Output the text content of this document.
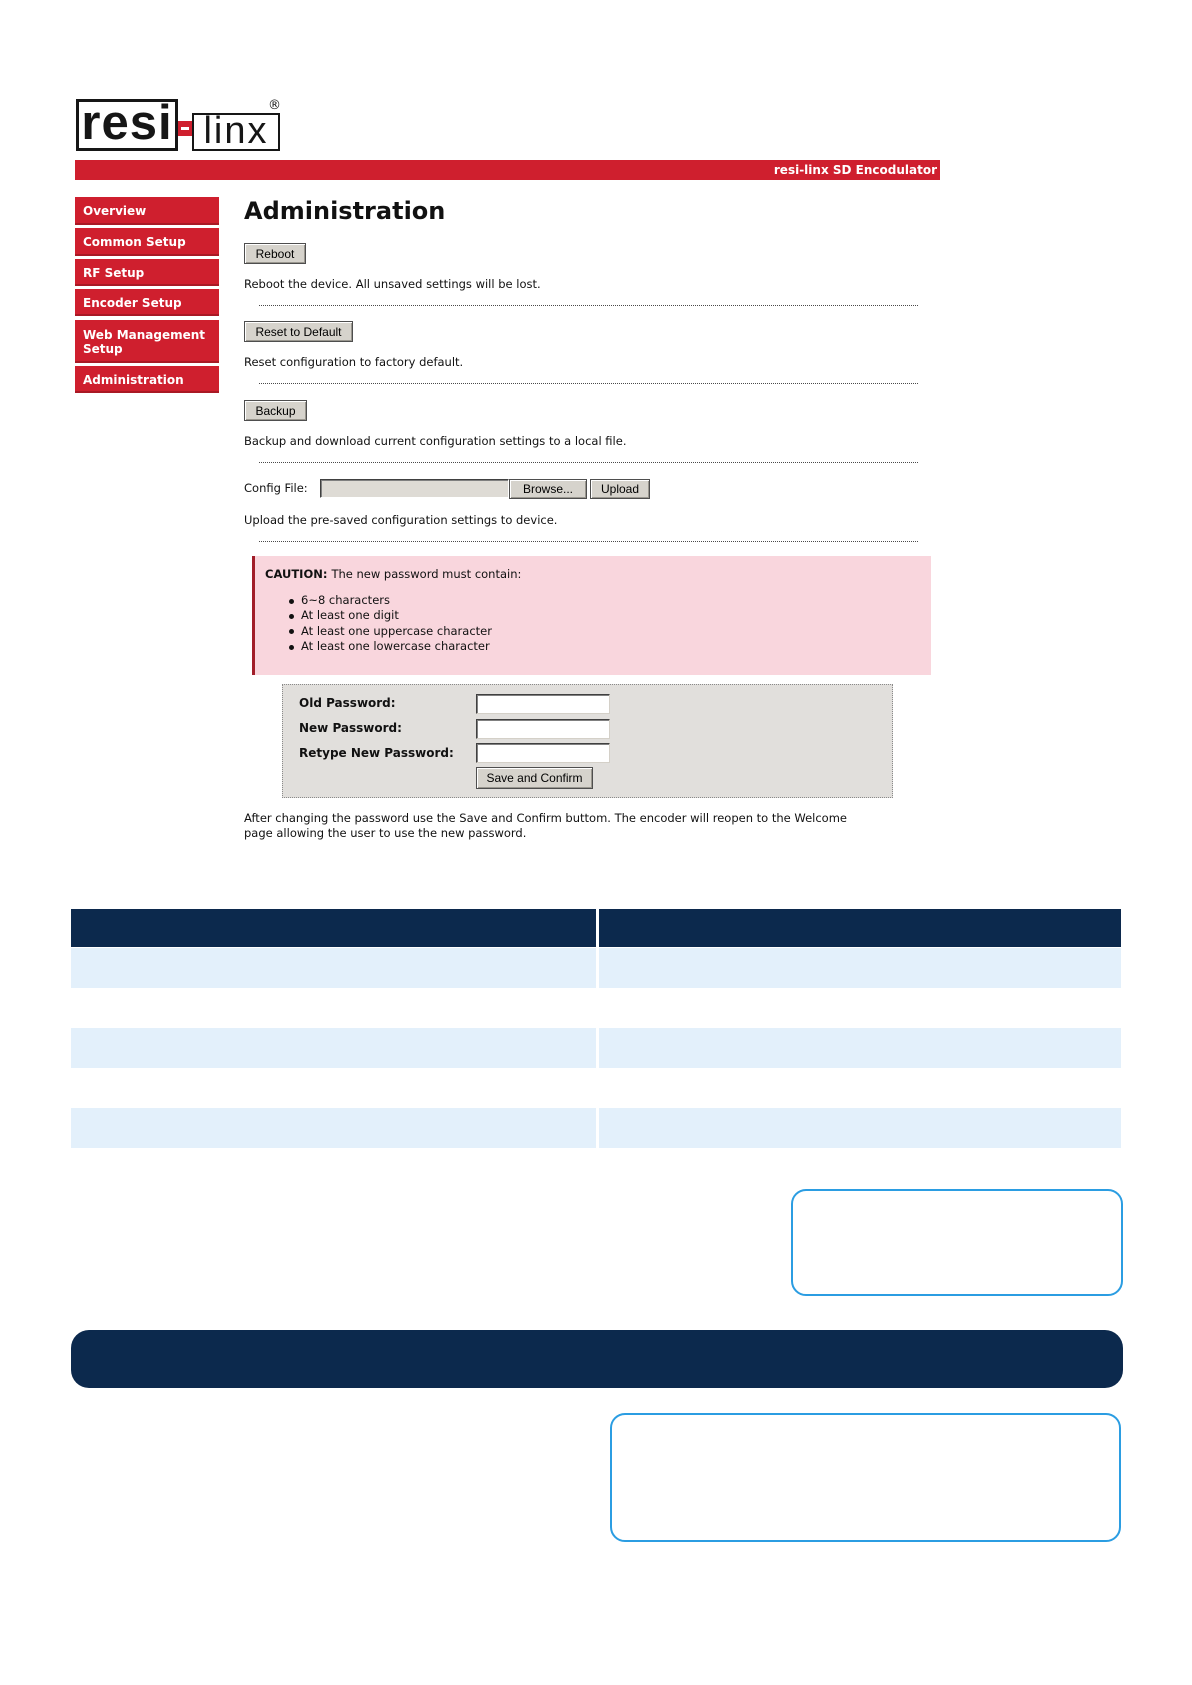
resi linx
®
resi-linx SD Encodulator
Overview
Common Setup
RF Setup
Encoder Setup
Web Management Setup
Administration
Administration
Reboot
Reboot the device. All unsaved settings will be lost.
Reset to Default
Reset configuration to factory default.
Backup
Backup and download current configuration settings to a local file.
Config File:	Browse...	Upload
Upload the pre-saved configuration settings to device.
CAUTION: The new password must contain:
6~8 characters
At least one digit
At least one uppercase character
At least one lowercase character
Old Password:
New Password:
Retype New Password:
Save and Confirm
After changing the password use the Save and Confirm buttom. The encoder will reopen to the Welcome
page allowing the user to use the new password.
